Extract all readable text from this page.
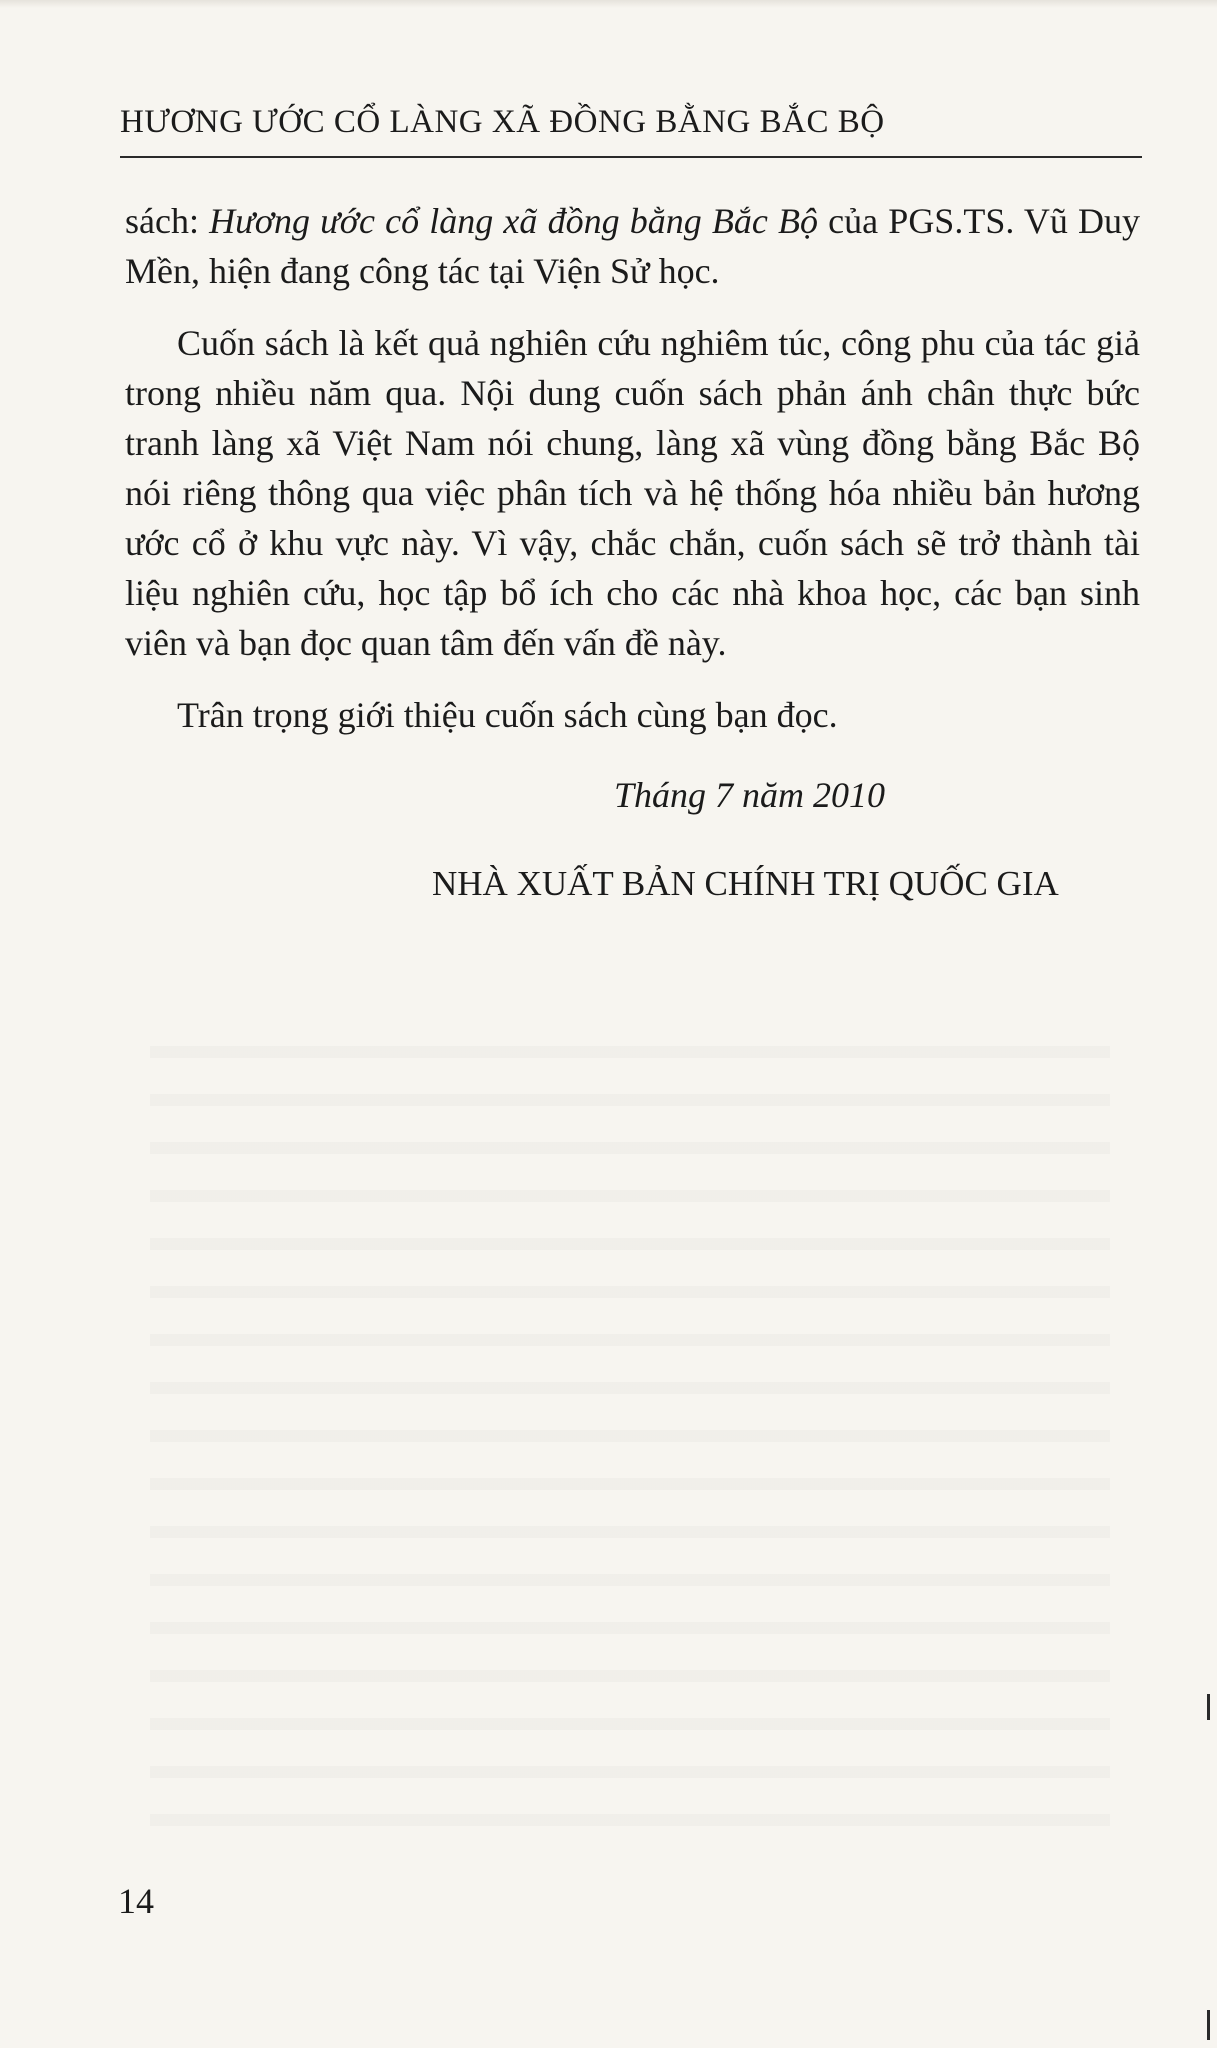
HƯƠNG ƯỚC CỔ LÀNG XÃ ĐỒNG BẰNG BẮC BỘ

sách: Hương ước cổ làng xã đồng bằng Bắc Bộ của PGS.TS. Vũ Duy Mền, hiện đang công tác tại Viện Sử học.

Cuốn sách là kết quả nghiên cứu nghiêm túc, công phu của tác giả trong nhiều năm qua. Nội dung cuốn sách phản ánh chân thực bức tranh làng xã Việt Nam nói chung, làng xã vùng đồng bằng Bắc Bộ nói riêng thông qua việc phân tích và hệ thống hóa nhiều bản hương ước cổ ở khu vực này. Vì vậy, chắc chắn, cuốn sách sẽ trở thành tài liệu nghiên cứu, học tập bổ ích cho các nhà khoa học, các bạn sinh viên và bạn đọc quan tâm đến vấn đề này.

Trân trọng giới thiệu cuốn sách cùng bạn đọc.

Tháng 7 năm 2010
NHÀ XUẤT BẢN CHÍNH TRỊ QUỐC GIA
14
